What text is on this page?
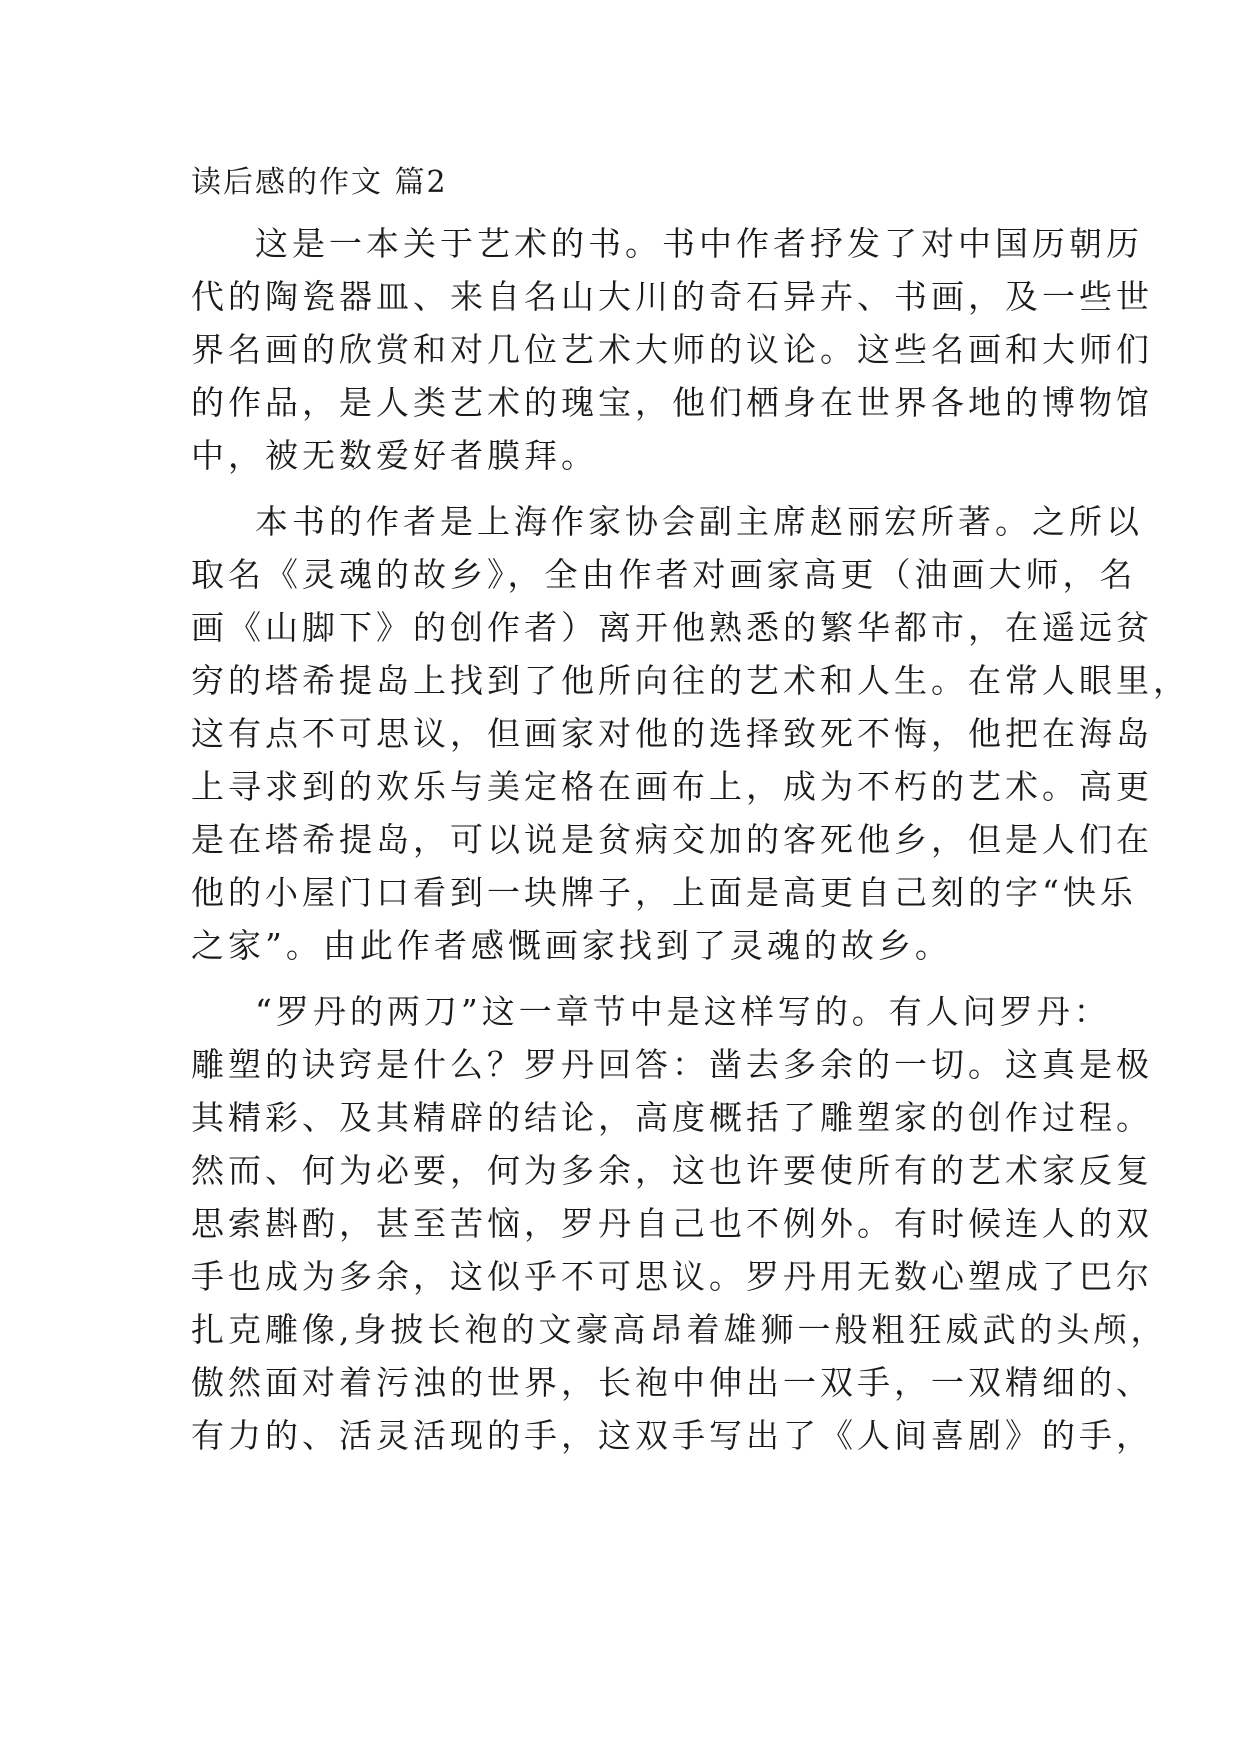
读后感的作文 篇2
这是一本关于艺术的书。书中作者抒发了对中国历朝历
代的陶瓷器皿、来自名山大川的奇石异卉、书画，及一些世
界名画的欣赏和对几位艺术大师的议论。这些名画和大师们
的作品，是人类艺术的瑰宝，他们栖身在世界各地的博物馆
中，被无数爱好者膜拜。
本书的作者是上海作家协会副主席赵丽宏所著。之所以
取名《灵魂的故乡》，全由作者对画家高更（油画大师，名
画《山脚下》的创作者）离开他熟悉的繁华都市，在遥远贫
穷的塔希提岛上找到了他所向往的艺术和人生。在常人眼里，
这有点不可思议，但画家对他的选择致死不悔，他把在海岛
上寻求到的欢乐与美定格在画布上，成为不朽的艺术。高更
是在塔希提岛，可以说是贫病交加的客死他乡，但是人们在
他的小屋门口看到一块牌子，上面是高更自己刻的字“快乐
之家”。由此作者感慨画家找到了灵魂的故乡。
“罗丹的两刀”这一章节中是这样写的。有人问罗丹：
雕塑的诀窍是什么？罗丹回答：凿去多余的一切。这真是极
其精彩、及其精辟的结论，高度概括了雕塑家的创作过程。
然而、何为必要，何为多余，这也许要使所有的艺术家反复
思索斟酌，甚至苦恼，罗丹自己也不例外。有时候连人的双
手也成为多余，这似乎不可思议。罗丹用无数心塑成了巴尔
扎克雕像,身披长袍的文豪高昂着雄狮一般粗狂威武的头颅，
傲然面对着污浊的世界，长袍中伸出一双手，一双精细的、
有力的、活灵活现的手，这双手写出了《人间喜剧》的手，
